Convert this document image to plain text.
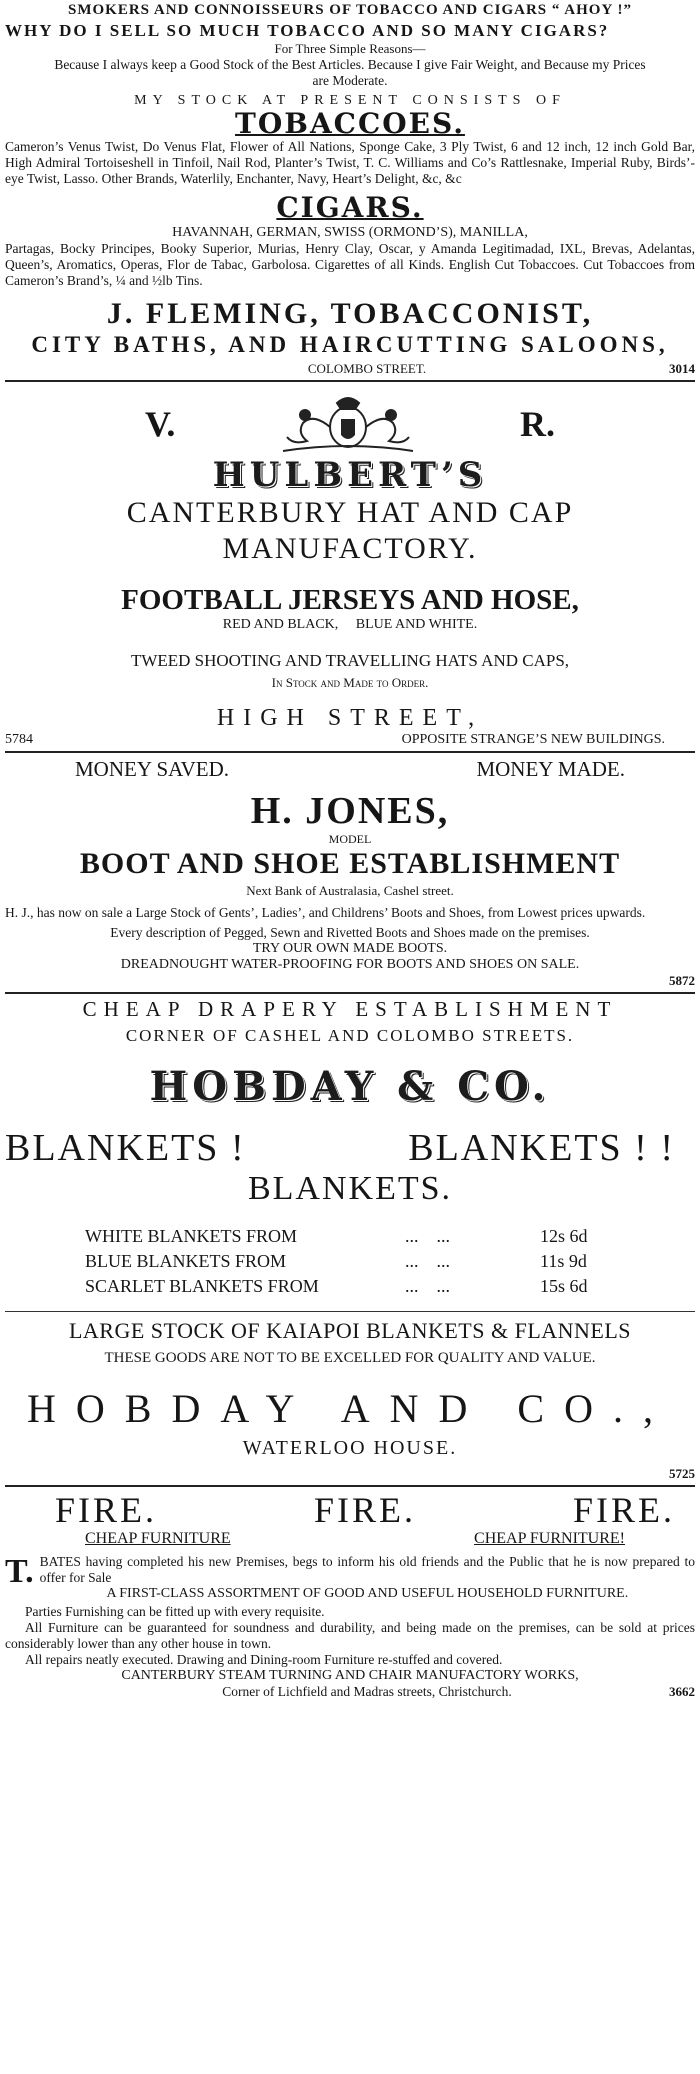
SMOKERS AND CONNOISSEURS OF TOBACCO AND CIGARS “ AHOY !”
WHY DO I SELL SO MUCH TOBACCO AND SO MANY CIGARS?
For Three Simple Reasons—
Because I always keep a Good Stock of the Best Articles. Because I give Fair Weight, and Because my Prices are Moderate.
MY STOCK AT PRESENT CONSISTS OF
TOBACCOES.
Cameron’s Venus Twist, Do Venus Flat, Flower of All Nations, Sponge Cake, 3 Ply Twist, 6 and 12 inch, 12 inch Gold Bar, High Admiral Tortoiseshell in Tinfoil, Nail Rod, Planter’s Twist, T. C. Williams and Co’s Rattlesnake, Imperial Ruby, Birds’-eye Twist, Lasso. Other Brands, Waterlily, Enchanter, Navy, Heart’s Delight, &c, &c
CIGARS.
HAVANNAH, GERMAN, SWISS (ORMOND’S), MANILLA,
Partagas, Bocky Principes, Booky Superior, Murias, Henry Clay, Oscar, y Amanda Legitimadad, IXL, Brevas, Adelantas, Queen’s, Aromatics, Operas, Flor de Tabac, Garbolosa. Cigarettes of all Kinds. English Cut Tobaccoes. Cut Tobaccoes from Cameron’s Brand’s, ¼ and ½lb Tins.
J. FLEMING, TOBACCONIST,
CITY BATHS, AND HAIRCUTTING SALOONS,
COLOMBO STREET.	3014
V.	R.
HULBERT’S
CANTERBURY HAT AND CAP
MANUFACTORY.
FOOTBALL JERSEYS AND HOSE,
RED AND BLACK,     BLUE AND WHITE.
TWEED SHOOTING AND TRAVELLING HATS AND CAPS,
In Stock and Made to Order.
HIGH STREET,
5784	OPPOSITE STRANGE’S NEW BUILDINGS.
MONEY SAVED.	MONEY MADE.
H. JONES,
MODEL
BOOT AND SHOE ESTABLISHMENT
Next Bank of Australasia, Cashel street.
H. J., has now on sale a Large Stock of Gents’, Ladies’, and Childrens’ Boots and Shoes, from Lowest prices upwards.
Every description of Pegged, Sewn and Rivetted Boots and Shoes made on the premises.
TRY OUR OWN MADE BOOTS.
DREADNOUGHT WATER-PROOFING FOR BOOTS AND SHOES ON SALE.
5872
CHEAP DRAPERY ESTABLISHMENT
CORNER OF CASHEL AND COLOMBO STREETS.
HOBDAY & CO.
BLANKETS !	BLANKETS ! !
BLANKETS.
WHITE BLANKETS FROM	...    ...	12s 6d
BLUE BLANKETS FROM	...    ...	11s 9d
SCARLET BLANKETS FROM	...    ...	15s 6d
LARGE STOCK OF KAIAPOI BLANKETS & FLANNELS
THESE GOODS ARE NOT TO BE EXCELLED FOR QUALITY AND VALUE.
HOBDAY AND CO.,
WATERLOO HOUSE.
5725
FIRE.	FIRE.	FIRE.
CHEAP FURNITURE	CHEAP FURNITURE!
T. BATES having completed his new Premises, begs to inform his old friends and the Public that he is now prepared to offer for Sale
A FIRST-CLASS ASSORTMENT OF GOOD AND USEFUL HOUSEHOLD FURNITURE.
Parties Furnishing can be fitted up with every requisite.
All Furniture can be guaranteed for soundness and durability, and being made on the premises, can be sold at prices considerably lower than any other house in town.
All repairs neatly executed. Drawing and Dining-room Furniture re-stuffed and covered.
CANTERBURY STEAM TURNING AND CHAIR MANUFACTORY WORKS,
Corner of Lichfield and Madras streets, Christchurch.	3662
